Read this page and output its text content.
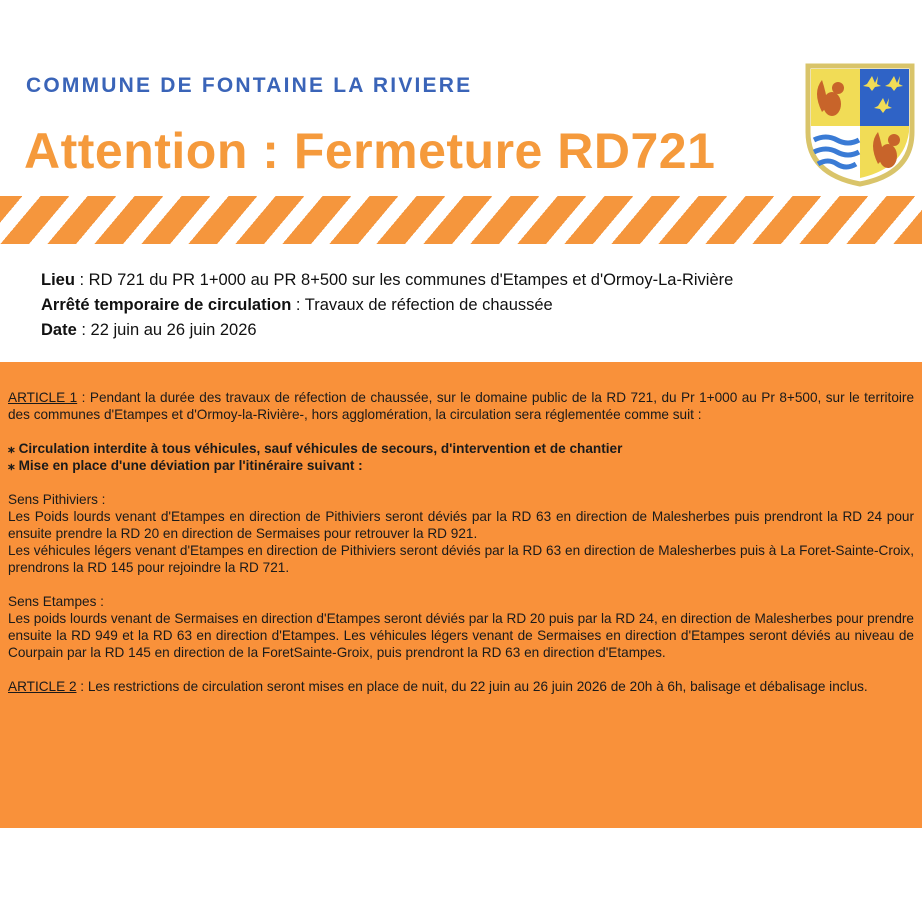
COMMUNE DE FONTAINE LA RIVIERE
Attention : Fermeture RD721
Lieu : RD 721 du PR 1+000 au PR 8+500 sur les communes d'Etampes et d'Ormoy-La-Rivière
Arrêté temporaire de circulation : Travaux de réfection de chaussée
Date : 22 juin au 26 juin 2026

ARTICLE 1 : Pendant la durée des travaux de réfection de chaussée, sur le domaine public de la RD 721, du Pr 1+000 au Pr 8+500, sur le territoire des communes d'Etampes et d'Ormoy-la-Rivière-, hors agglomération, la circulation sera réglementée comme suit :

⁎ Circulation interdite à tous véhicules, sauf véhicules de secours, d'intervention et de chantier

⁎ Mise en place d'une déviation par l'itinéraire suivant :

Sens Pithiviers :

Les Poids lourds venant d'Etampes en direction de Pithiviers seront déviés par la RD 63 en direction de Malesherbes puis prendront la RD 24 pour ensuite prendre la RD 20 en direction de Sermaises pour retrouver la RD 921.

Les véhicules légers venant d'Etampes en direction de Pithiviers seront déviés par la RD 63 en direction de Malesherbes puis à La Foret-Sainte-Croix, prendrons la RD 145 pour rejoindre la RD 721.

Sens Etampes :

Les poids lourds venant de Sermaises en direction d'Etampes seront déviés par la RD 20 puis par la RD 24, en direction de Malesherbes pour prendre ensuite la RD 949 et la RD 63 en direction d'Etampes. Les véhicules légers venant de Sermaises en direction d'Etampes seront déviés au niveau de Courpain par la RD 145 en direction de la ForetSainte-Groix, puis prendront la RD 63 en direction d'Etampes.

ARTICLE 2 : Les restrictions de circulation seront mises en place de nuit, du 22 juin au 26 juin 2026 de 20h à 6h, balisage et débalisage inclus.
